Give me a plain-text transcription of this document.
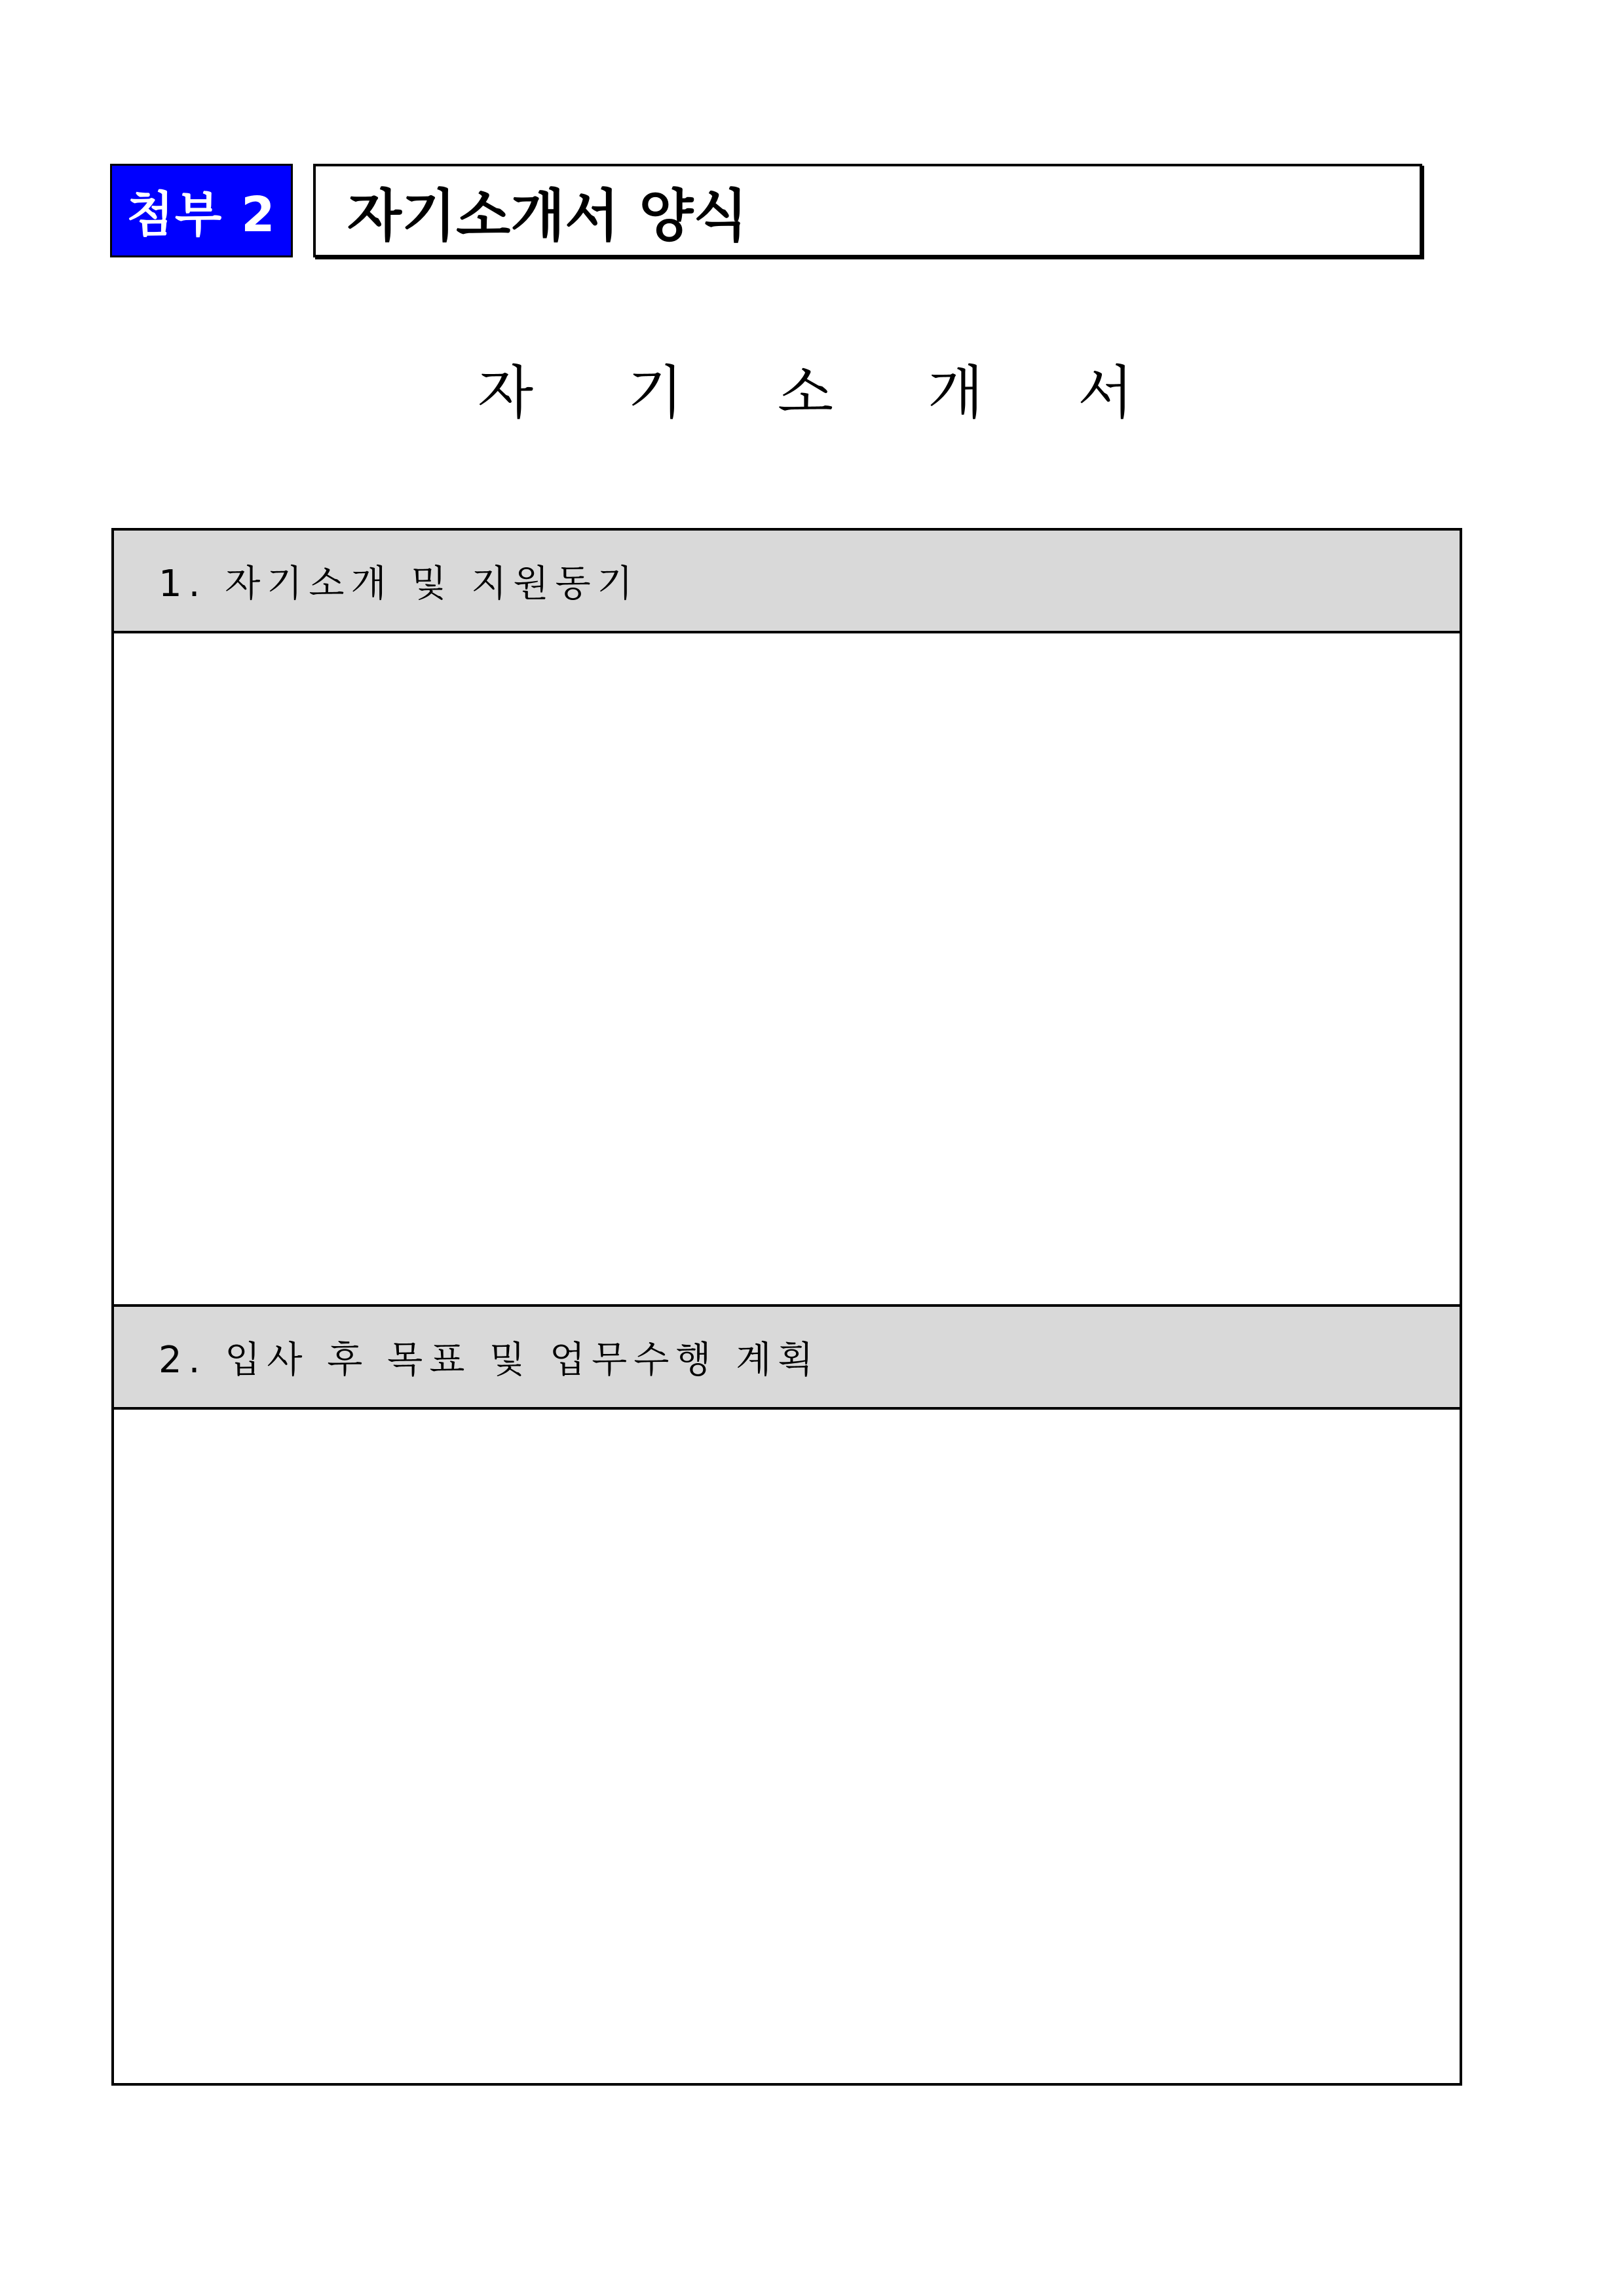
첨부 2	자기소개서 양식
자 기 소 개 서
1. 자기소개 및 지원동기
2. 입사 후 목표 및 업무수행 계획
